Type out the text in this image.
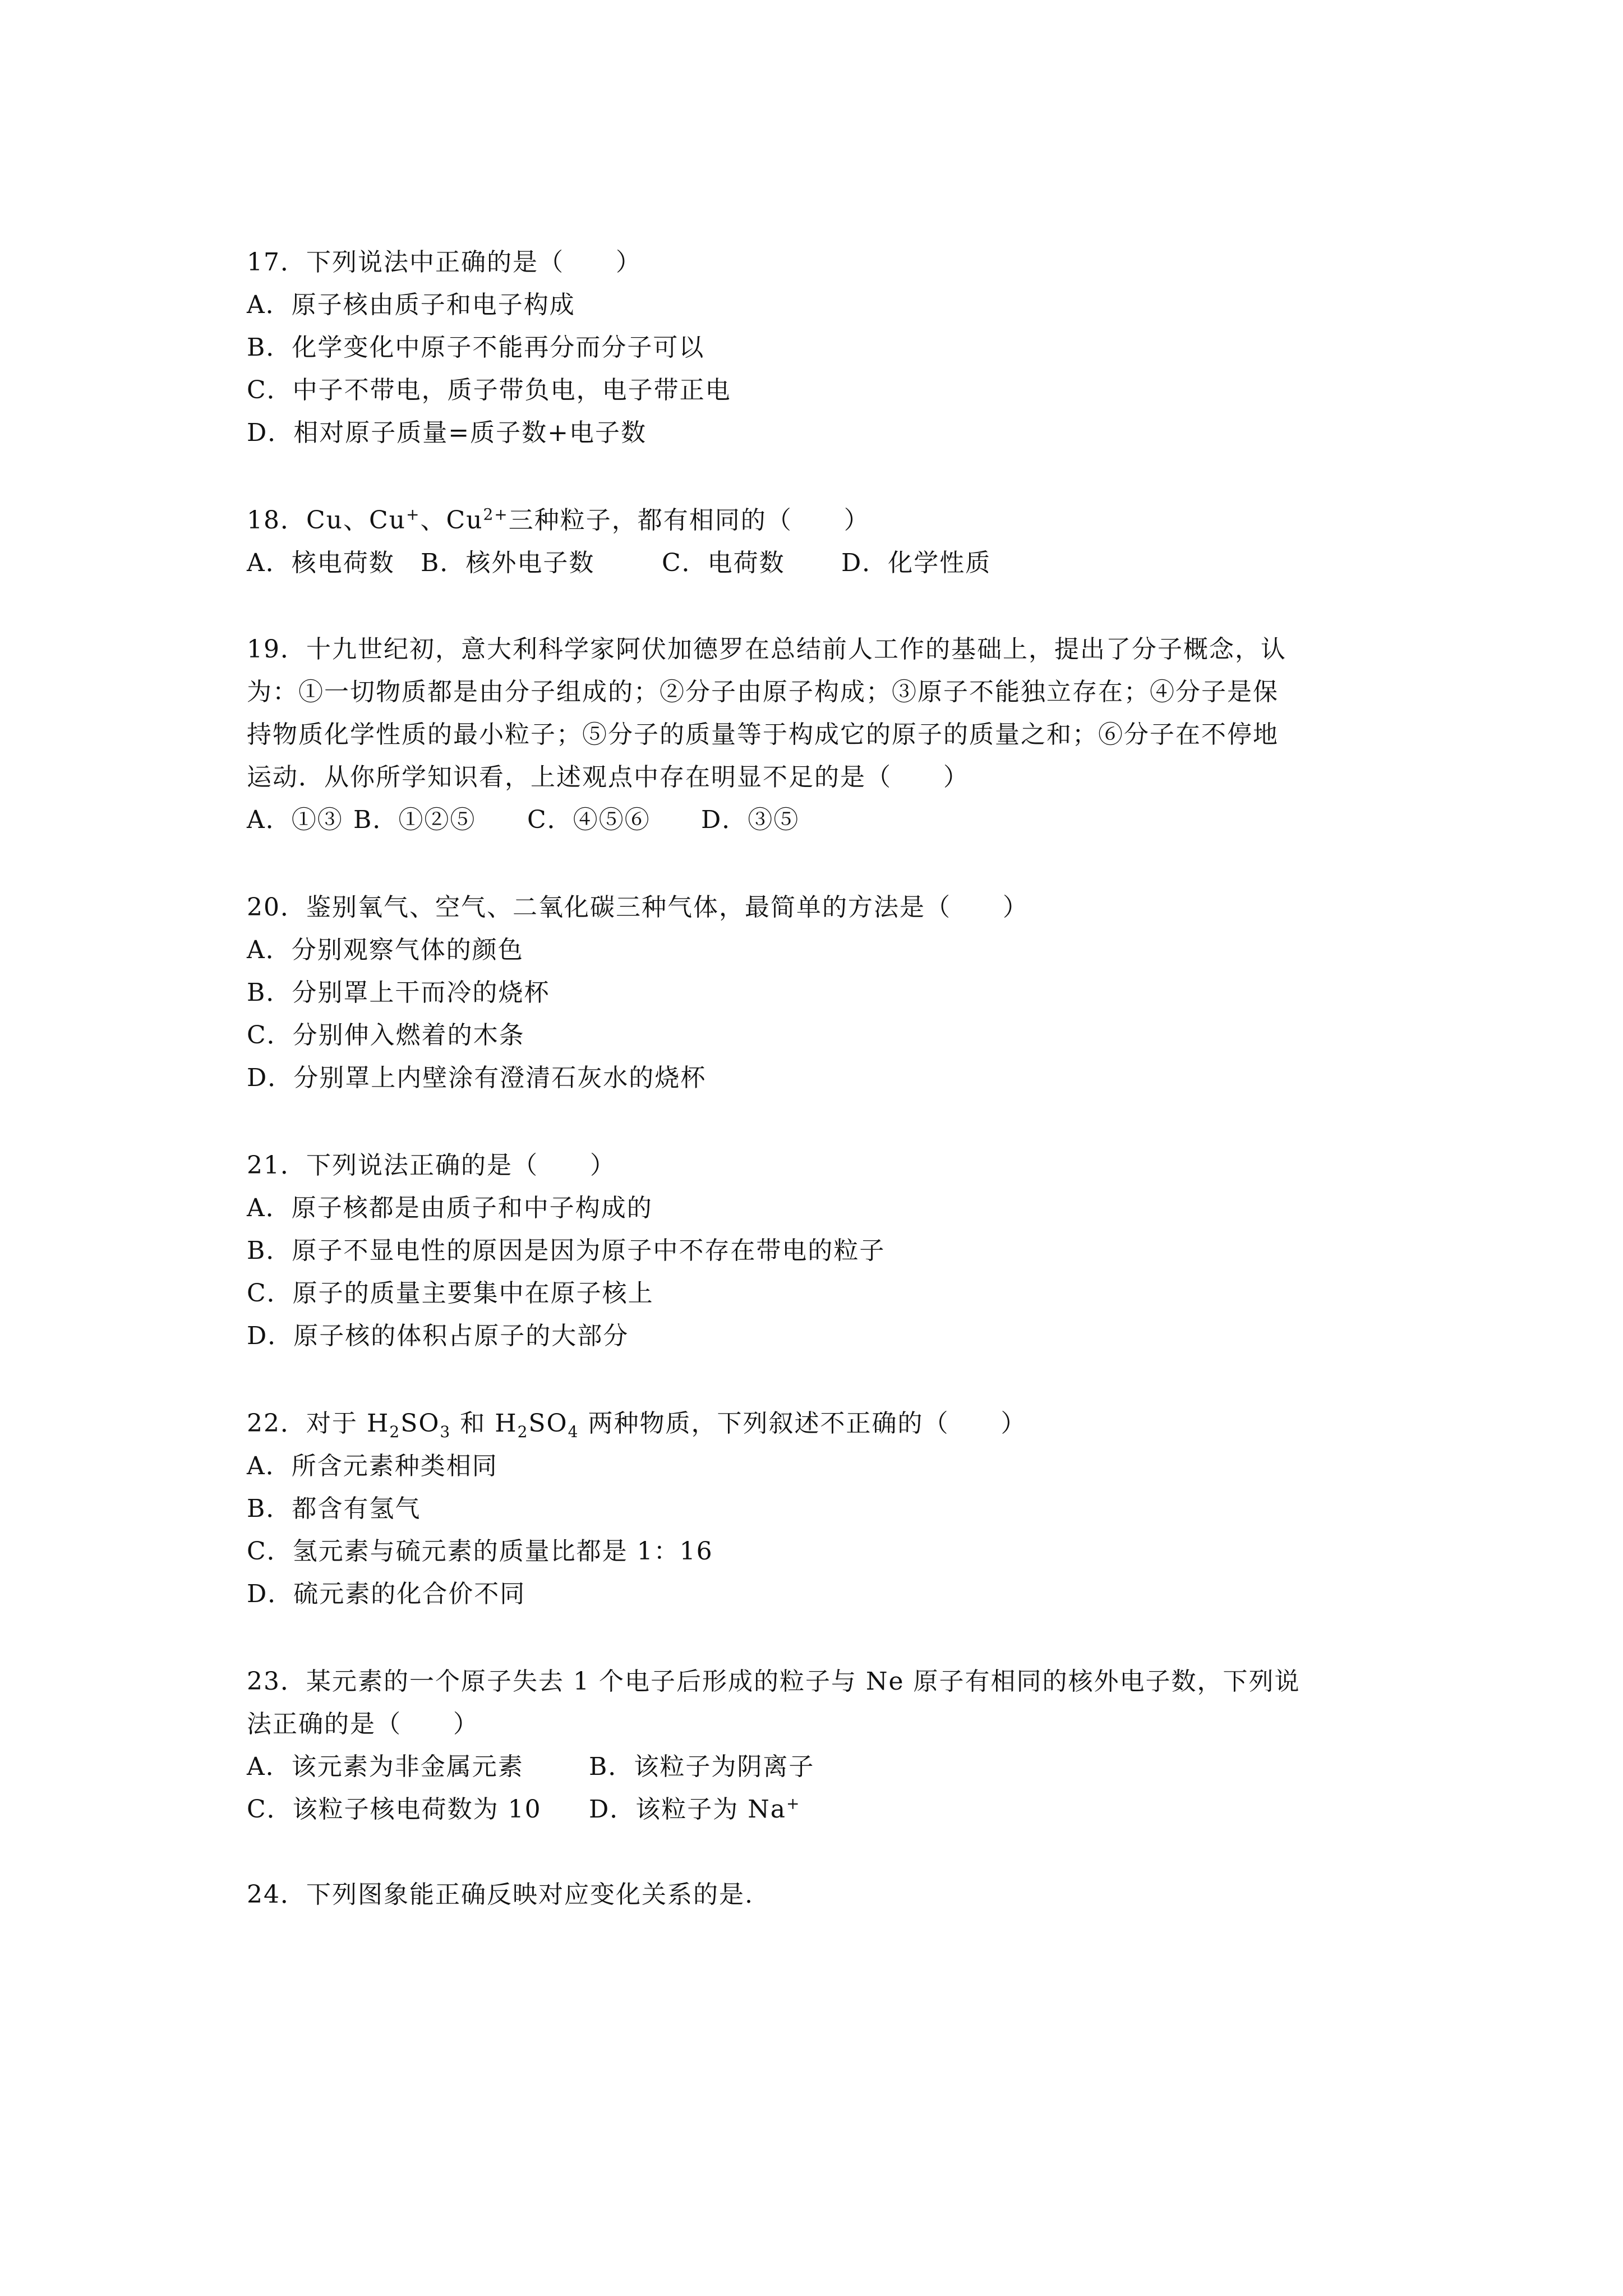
17．下列说法中正确的是（　　）
A．原子核由质子和电子构成
B．化学变化中原子不能再分而分子可以
C．中子不带电，质子带负电，电子带正电
D．相对原子质量=质子数+电子数
18．Cu、Cu+、$Cu^{2+}$三种粒子，都有相同的（　　）
A．核电荷数	B．核外电子数	C．电荷数	D．化学性质
19．十九世纪初，意大利科学家阿伏加德罗在总结前人工作的基础上，提出了分子概念，认
为：①一切物质都是由分子组成的；②分子由原子构成；③原子不能独立存在；④分子是保
持物质化学性质的最小粒子；⑤分子的质量等于构成它的原子的质量之和；⑥分子在不停地
运动．从你所学知识看，上述观点中存在明显不足的是（　　）
A．①③ B．①②⑤	C．④⑤⑥	D．③⑤
20．鉴别氧气、空气、二氧化碳三种气体，最简单的方法是（　　）
A．分别观察气体的颜色
B．分别罩上干而冷的烧杯
C．分别伸入燃着的木条
D．分别罩上内壁涂有澄清石灰水的烧杯
21．下列说法正确的是（　　）
A．原子核都是由质子和中子构成的
B．原子不显电性的原因是因为原子中不存在带电的粒子
C．原子的质量主要集中在原子核上
D．原子核的体积占原子的大部分
22．对于 $H_2SO_3$ 和 $H_2SO_4$ 两种物质，下列叙述不正确的（　　）
A．所含元素种类相同
B．都含有氢气
C．氢元素与硫元素的质量比都是 1：16
D．硫元素的化合价不同
23．某元素的一个原子失去 1 个电子后形成的粒子与 Ne 原子有相同的核外电子数，下列说
法正确的是（　　）
A．该元素为非金属元素	B．该粒子为阴离子
C．该粒子核电荷数为 10	D．该粒子为 Na+
24．下列图象能正确反映对应变化关系的是.
